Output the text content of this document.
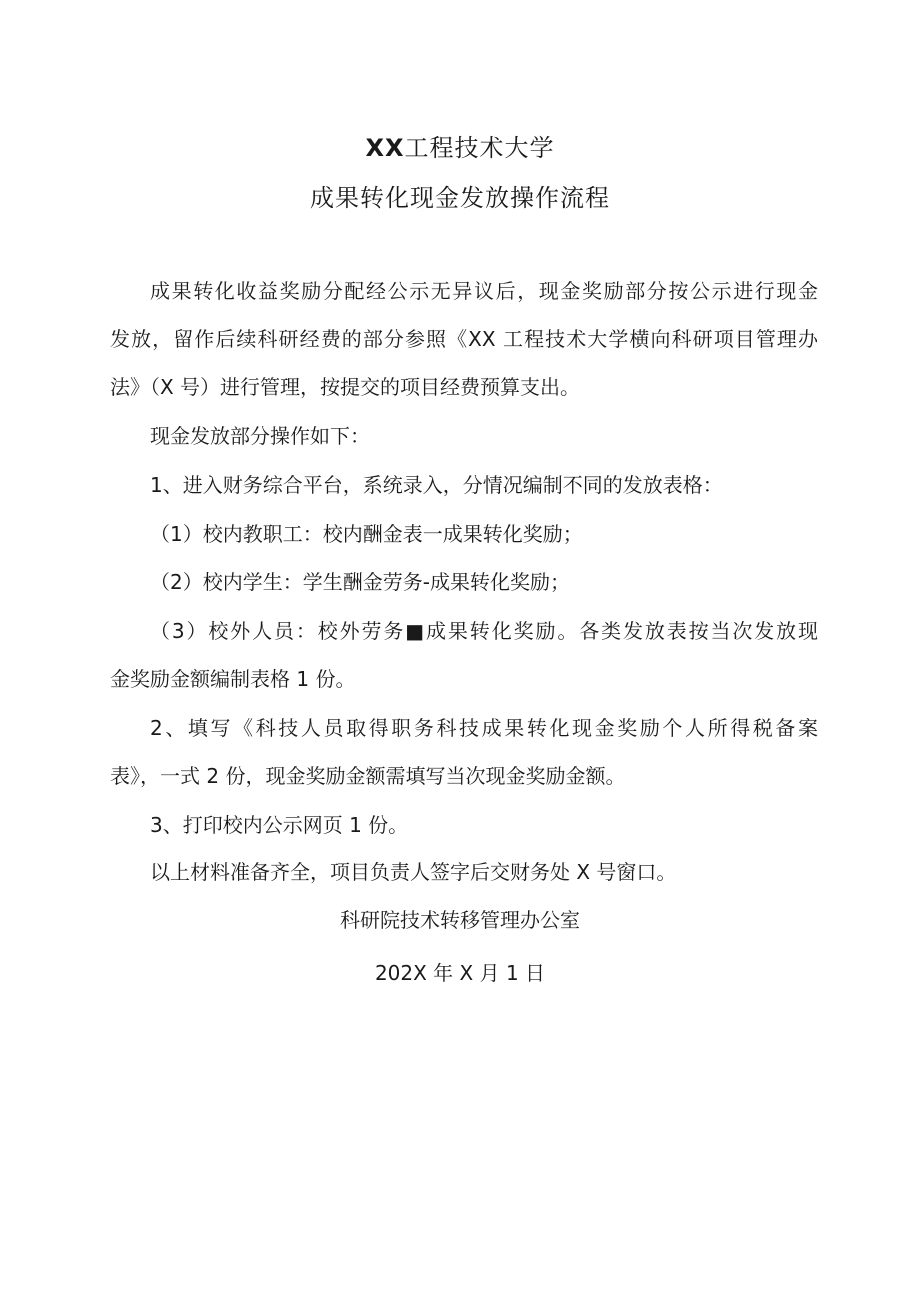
XX工程技术大学
成果转化现金发放操作流程
成果转化收益奖励分配经公示无异议后，现金奖励部分按公示进行现金
发放，留作后续科研经费的部分参照《XX 工程技术大学横向科研项目管理办
法》（X 号）进行管理，按提交的项目经费预算支出。
现金发放部分操作如下：
1、进入财务综合平台，系统录入，分情况编制不同的发放表格：
（1）校内教职工：校内酬金表一成果转化奖励；
（2）校内学生：学生酬金劳务-成果转化奖励；
（3）校外人员：校外劳务■成果转化奖励。各类发放表按当次发放现
金奖励金额编制表格 1 份。
2、填写《科技人员取得职务科技成果转化现金奖励个人所得税备案
表》，一式 2 份，现金奖励金额需填写当次现金奖励金额。
3、打印校内公示网页 1 份。
以上材料准备齐全，项目负责人签字后交财务处 X 号窗口。
科研院技术转移管理办公室
202X 年 X 月 1 日
